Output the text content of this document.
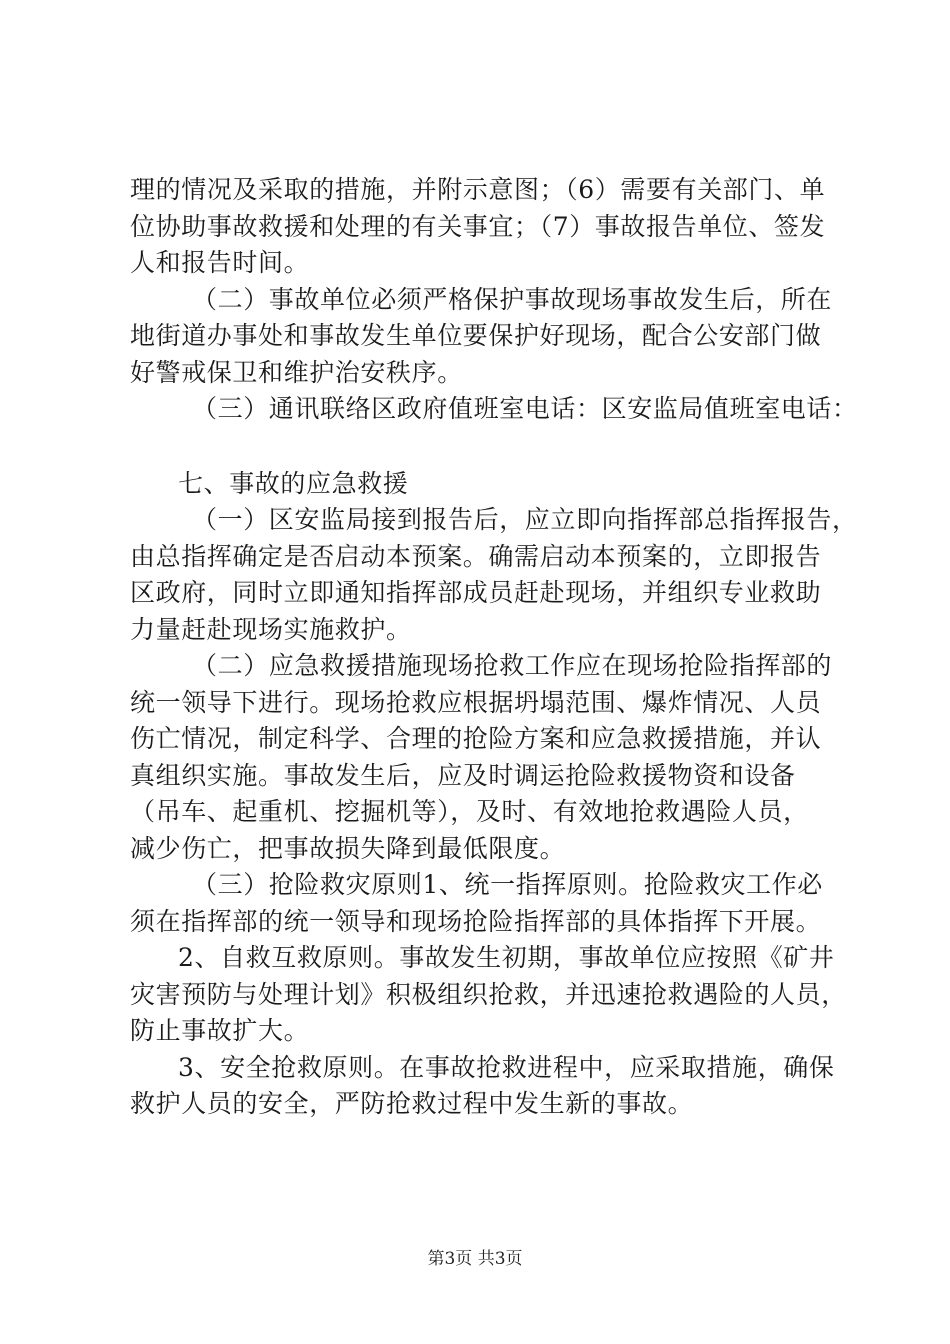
理的情况及采取的措施，并附示意图；（6）需要有关部门、单
位协助事故救援和处理的有关事宜；（7）事故报告单位、签发
人和报告时间。
（二）事故单位必须严格保护事故现场事故发生后，所在
地街道办事处和事故发生单位要保护好现场，配合公安部门做
好警戒保卫和维护治安秩序。
（三）通讯联络区政府值班室电话：区安监局值班室电话：
七、事故的应急救援
（一）区安监局接到报告后，应立即向指挥部总指挥报告，
由总指挥确定是否启动本预案。确需启动本预案的，立即报告
区政府，同时立即通知指挥部成员赶赴现场，并组织专业救助
力量赶赴现场实施救护。
（二）应急救援措施现场抢救工作应在现场抢险指挥部的
统一领导下进行。现场抢救应根据坍塌范围、爆炸情况、人员
伤亡情况，制定科学、合理的抢险方案和应急救援措施，并认
真组织实施。事故发生后，应及时调运抢险救援物资和设备
（吊车、起重机、挖掘机等），及时、有效地抢救遇险人员，
减少伤亡，把事故损失降到最低限度。
（三）抢险救灾原则1、统一指挥原则。抢险救灾工作必
须在指挥部的统一领导和现场抢险指挥部的具体指挥下开展。
2、自救互救原则。事故发生初期，事故单位应按照《矿井
灾害预防与处理计划》积极组织抢救，并迅速抢救遇险的人员，
防止事故扩大。
3、安全抢救原则。在事故抢救进程中，应采取措施，确保
救护人员的安全，严防抢救过程中发生新的事故。
第3页 共3页
